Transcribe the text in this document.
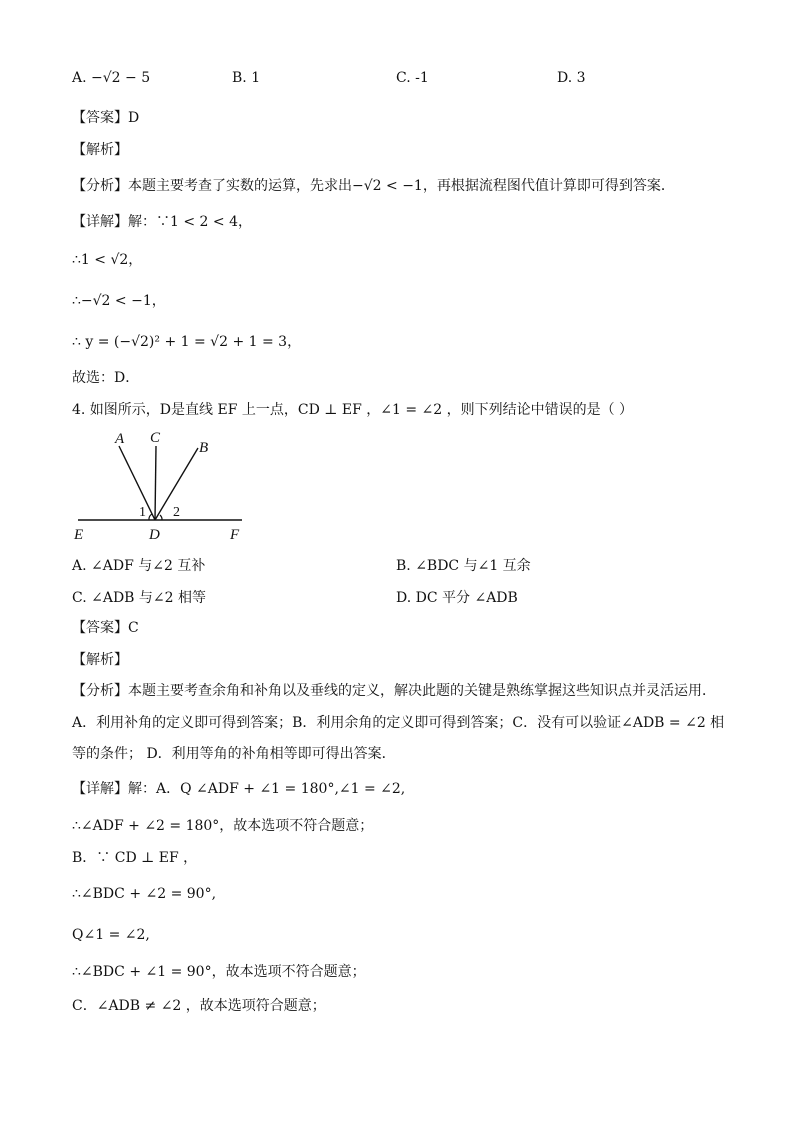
A. −√2 − 5	B. 1	C. -1	D. 3
【答案】D
【解析】
【分析】本题主要考查了实数的运算，先求出−√2 < −1，再根据流程图代值计算即可得到答案．
【详解】解：∵1 < 2 < 4，
∴1 < √2，
∴−√2 < −1，
∴ y = (−√2)² + 1 = √2 + 1 = 3，
故选：D．
4. 如图所示，D是直线 EF 上一点，CD ⊥ EF ，∠1 = ∠2 ，则下列结论中错误的是（ ）
A C
B
E	D	F
1 2
A. ∠ADF 与∠2 互补	B. ∠BDC 与∠1 互余
C. ∠ADB 与∠2 相等	D. DC 平分 ∠ADB
【答案】C
【解析】
【分析】本题主要考查余角和补角以及垂线的定义，解决此题的关键是熟练掌握这些知识点并灵活运用．
A．利用补角的定义即可得到答案；B．利用余角的定义即可得到答案；C．没有可以验证∠ADB = ∠2 相
等的条件； D．利用等角的补角相等即可得出答案．
【详解】解：A．Q ∠ADF + ∠1 = 180°,∠1 = ∠2,
∴∠ADF + ∠2 = 180°，故本选项不符合题意；
B．∵ CD ⊥ EF ，
∴∠BDC + ∠2 = 90°,
Q∠1 = ∠2,
∴∠BDC + ∠1 = 90°，故本选项不符合题意；
C．∠ADB ≠ ∠2 ，故本选项符合题意；
